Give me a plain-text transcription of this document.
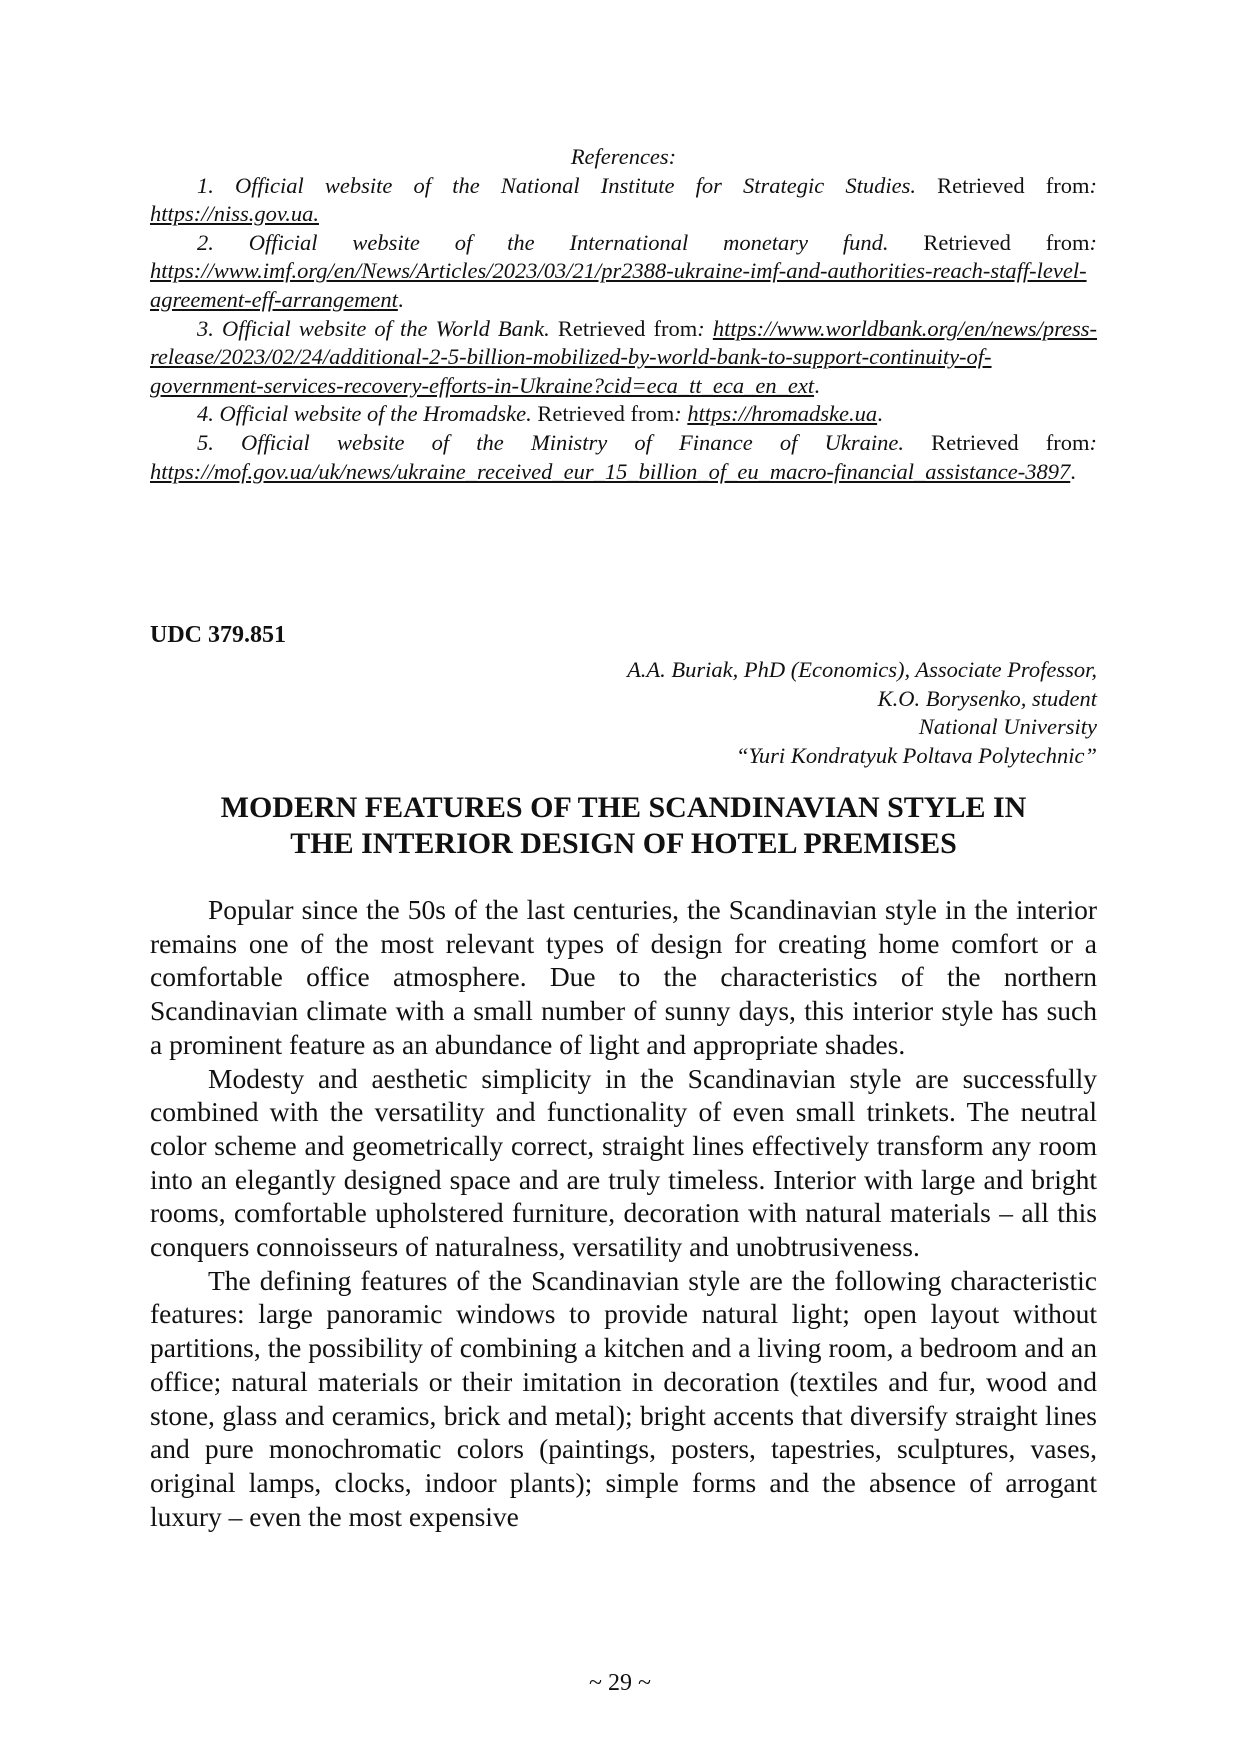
References:

1. Official website of the National Institute for Strategic Studies. Retrieved from: https://niss.gov.ua.

2. Official website of the International monetary fund. Retrieved from: https://www.imf.org/en/News/Articles/2023/03/21/pr2388-ukraine-imf-and-authorities-reach-staff-level-agreement-eff-arrangement.

3. Official website of the World Bank. Retrieved from: https://www.worldbank.org/en/news/press-release/2023/02/24/additional-2-5-billion-mobilized-by-world-bank-to-support-continuity-of-government-services-recovery-efforts-in-Ukraine?cid=eca_tt_eca_en_ext.

4. Official website of the Hromadske. Retrieved from: https://hromadske.ua.

5. Official website of the Ministry of Finance of Ukraine. Retrieved from: https://mof.gov.ua/uk/news/ukraine_received_eur_15_billion_of_eu_macro-financial_assistance-3897.

UDC 379.851
A.A. Buriak, PhD (Economics), Associate Professor,
K.O. Borysenko, student
National University
“Yuri Kondratyuk Poltava Polytechnic”
MODERN FEATURES OF THE SCANDINAVIAN STYLE IN
THE INTERIOR DESIGN OF HOTEL PREMISES

Popular since the 50s of the last centuries, the Scandinavian style in the interior remains one of the most relevant types of design for creating home comfort or a comfortable office atmosphere. Due to the characteristics of the northern Scandinavian climate with a small number of sunny days, this interior style has such a prominent feature as an abundance of light and appropriate shades.

Modesty and aesthetic simplicity in the Scandinavian style are successfully combined with the versatility and functionality of even small trinkets. The neutral color scheme and geometrically correct, straight lines effectively transform any room into an elegantly designed space and are truly timeless. Interior with large and bright rooms, comfortable upholstered furniture, decoration with natural materials – all this conquers connoisseurs of naturalness, versatility and unobtrusiveness.

The defining features of the Scandinavian style are the following characteristic features: large panoramic windows to provide natural light; open layout without partitions, the possibility of combining a kitchen and a living room, a bedroom and an office; natural materials or their imitation in decoration (textiles and fur, wood and stone, glass and ceramics, brick and metal); bright accents that diversify straight lines and pure monochromatic colors (paintings, posters, tapestries, sculptures, vases, original lamps, clocks, indoor plants); simple forms and the absence of arrogant luxury – even the most expensive

~ 29 ~
